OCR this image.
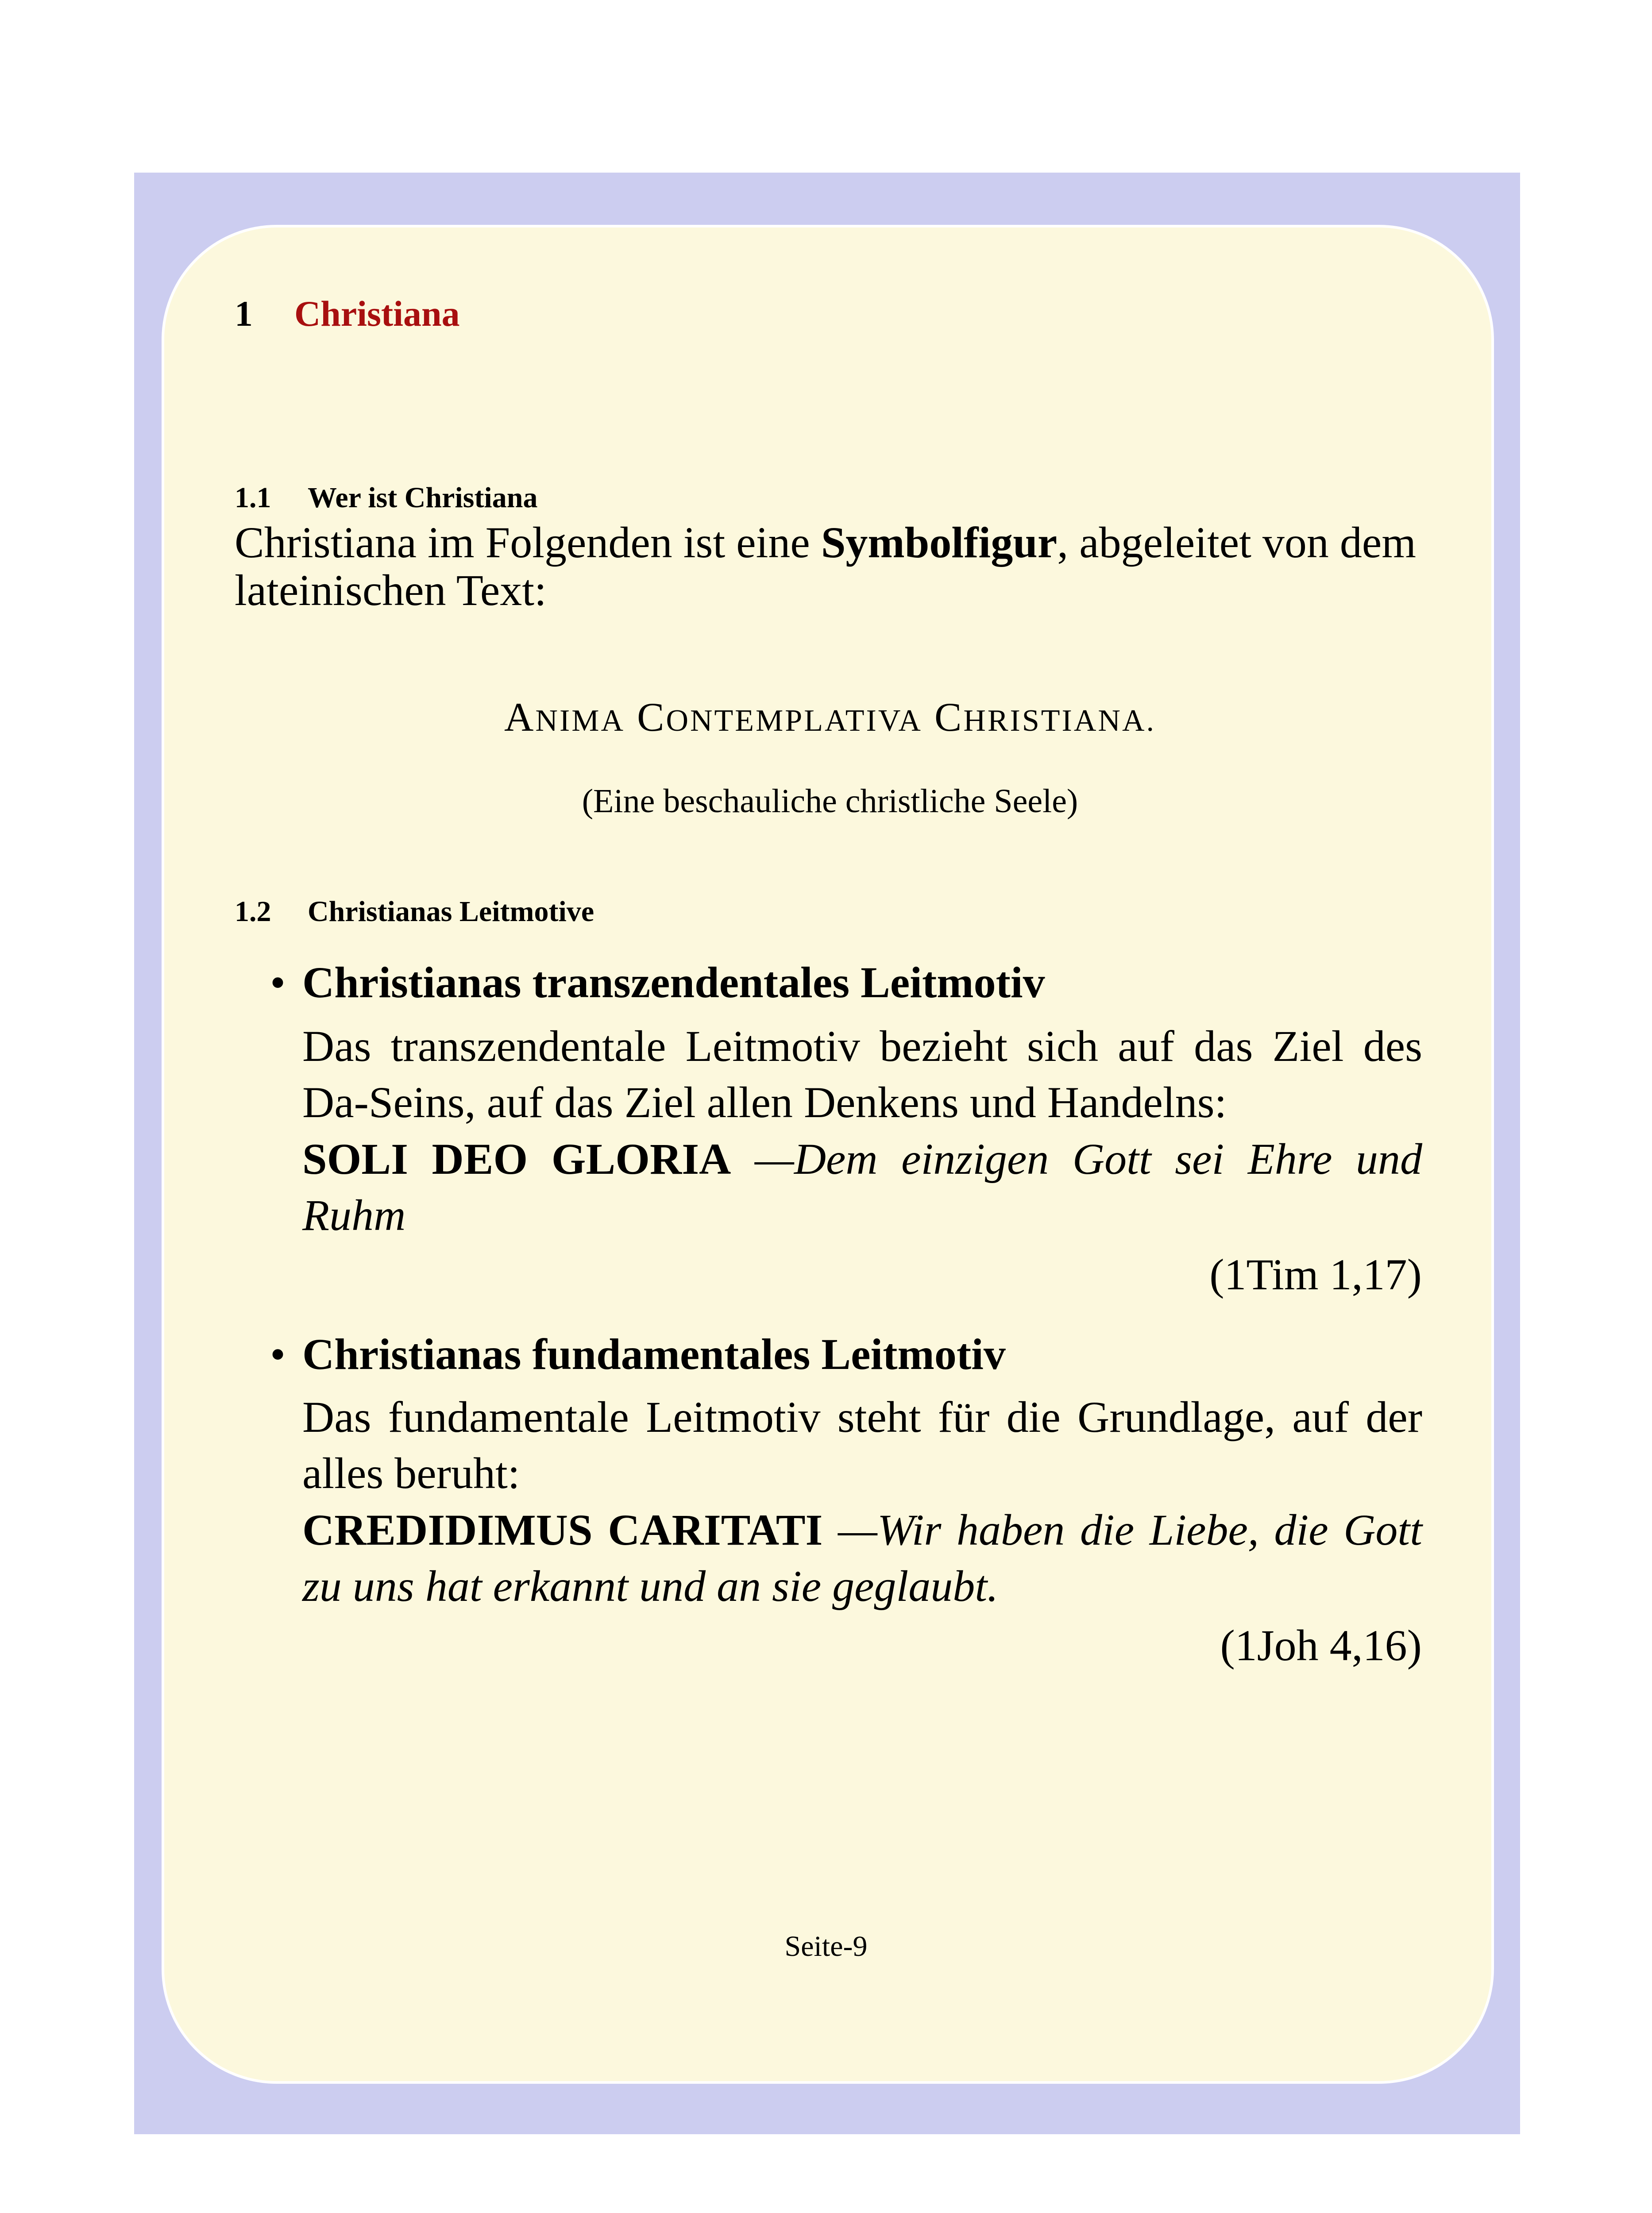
1 Christiana
1.1 Wer ist Christiana
Christiana im Folgenden ist eine Symbolfigur, abgeleitet von dem lateinischen Text:
ANIMA CONTEMPLATIVA CHRISTIANA.
(Eine beschauliche christliche Seele)
1.2 Christianas Leitmotive
• Christianas transzendentales Leitmotiv
Das transzendentale Leitmotiv bezieht sich auf das Ziel des Da-Seins, auf das Ziel allen Denkens und Handelns:
SOLI DEO GLORIA —Dem einzigen Gott sei Ehre und Ruhm
(1Tim 1,17)
• Christianas fundamentales Leitmotiv
Das fundamentale Leitmotiv steht für die Grundlage, auf der alles beruht:
CREDIDIMUS CARITATI —Wir haben die Liebe, die Gott zu uns hat erkannt und an sie geglaubt.
(1Joh 4,16)
Seite-9
